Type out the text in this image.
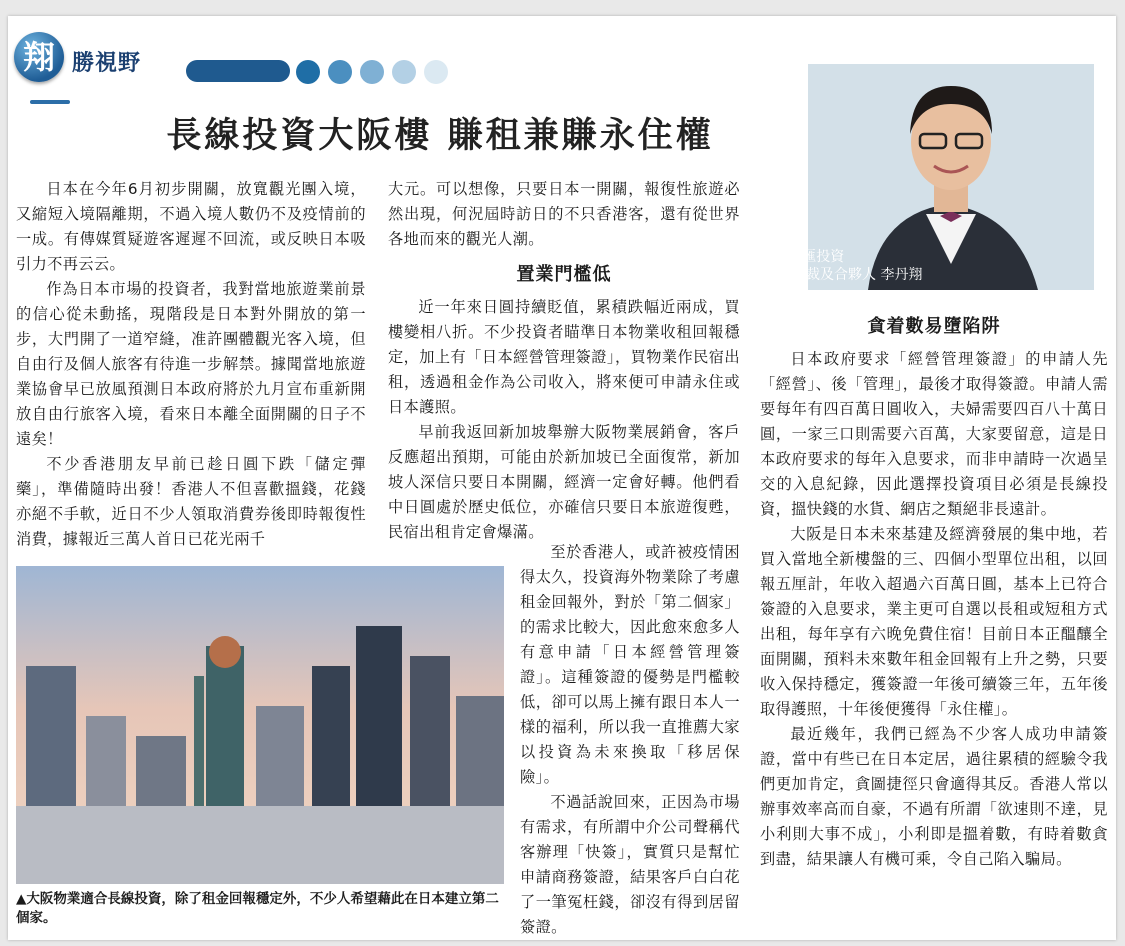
翔 勝視野
長線投資大阪樓 賺租兼賺永住權

日本在今年6月初步開關，放寬觀光團入境，又縮短入境隔離期，不過入境人數仍不及疫情前的一成。有傳媒質疑遊客遲遲不回流，或反映日本吸引力不再云云。

作為日本市場的投資者，我對當地旅遊業前景的信心從未動搖，現階段是日本對外開放的第一步，大門開了一道窄縫，准許團體觀光客入境，但自由行及個人旅客有待進一步解禁。據聞當地旅遊業協會早已放風預測日本政府將於九月宣布重新開放自由行旅客入境，看來日本離全面開關的日子不遠矣！

不少香港朋友早前已趁日圓下跌「儲定彈藥」，準備隨時出發！香港人不但喜歡搵錢，花錢亦絕不手軟，近日不少人領取消費券後即時報復性消費，據報近三萬人首日已花光兩千

大元。可以想像，只要日本一開關，報復性旅遊必然出現，何況屆時訪日的不只香港客，還有從世界各地而來的觀光人潮。

置業門檻低

近一年來日圓持續貶值，累積跌幅近兩成，買樓變相八折。不少投資者瞄準日本物業收租回報穩定，加上有「日本經營管理簽證」，買物業作民宿出租，透過租金作為公司收入，將來便可申請永住或日本護照。

早前我返回新加坡舉辦大阪物業展銷會，客戶反應超出預期，可能由於新加坡已全面復常，新加坡人深信只要日本開關，經濟一定會好轉。他們看中日圓處於歷史低位，亦確信只要日本旅遊復甦，民宿出租肯定會爆滿。

至於香港人，或許被疫情困得太久，投資海外物業除了考慮租金回報外，對於「第二個家」的需求比較大，因此愈來愈多人有意申請「日本經營管理簽證」。這種簽證的優勢是門檻較低，卻可以馬上擁有跟日本人一樣的福利，所以我一直推薦大家以投資為未來換取「移居保險」。

不過話說回來，正因為市場有需求，有所謂中介公司聲稱代客辦理「快簽」，實質只是幫忙申請商務簽證，結果客戶白白花了一筆冤枉錢，卻沒有得到居留簽證。

FMI至匯投資
行政總裁及合夥人 李丹翔
貪着數易墮陷阱

日本政府要求「經營管理簽證」的申請人先「經營」、後「管理」，最後才取得簽證。申請人需要每年有四百萬日圓收入，夫婦需要四百八十萬日圓，一家三口則需要六百萬，大家要留意，這是日本政府要求的每年入息要求，而非申請時一次過呈交的入息紀錄，因此選擇投資項目必須是長線投資，搵快錢的水貨、網店之類絕非長遠計。

大阪是日本未來基建及經濟發展的集中地，若買入當地全新樓盤的三、四個小型單位出租，以回報五厘計，年收入超過六百萬日圓，基本上已符合簽證的入息要求，業主更可自選以長租或短租方式出租，每年享有六晚免費住宿！目前日本正醞釀全面開關，預料未來數年租金回報有上升之勢，只要收入保持穩定，獲簽證一年後可續簽三年，五年後取得護照，十年後便獲得「永住權」。

最近幾年，我們已經為不少客人成功申請簽證，當中有些已在日本定居，過往累積的經驗令我們更加肯定，貪圖捷徑只會適得其反。香港人常以辦事效率高而自豪，不過有所謂「欲速則不達，見小利則大事不成」，小利即是搵着數，有時着數貪到盡，結果讓人有機可乘，令自己陷入騙局。

▲大阪物業適合長線投資，除了租金回報穩定外，不少人希望藉此在日本建立第二個家。
